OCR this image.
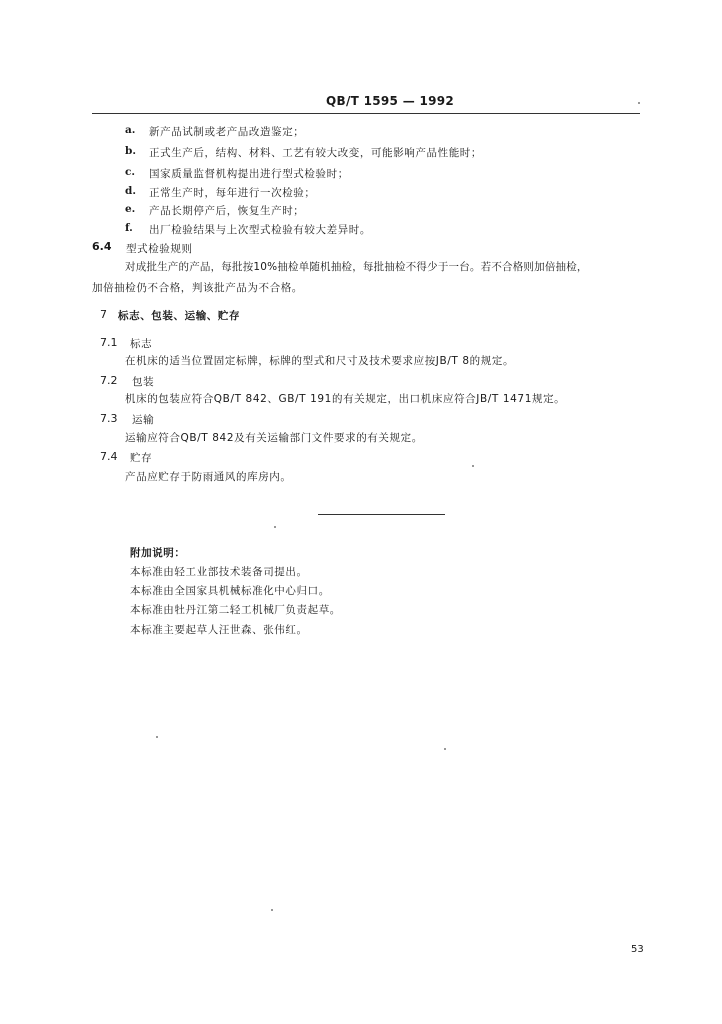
QB/T 1595 — 1992
a. 新产品试制或老产品改造鉴定；
b. 正式生产后，结构、材料、工艺有较大改变，可能影响产品性能时；
c. 国家质量监督机构提出进行型式检验时；
d. 正常生产时，每年进行一次检验；
e. 产品长期停产后，恢复生产时；
f. 出厂检验结果与上次型式检验有较大差异时。
6.4 型式检验规则
对成批生产的产品，每批按10%抽检单随机抽检，每批抽检不得少于一台。若不合格则加倍抽检，
加倍抽检仍不合格，判该批产品为不合格。
7 标志、包装、运输、贮存
7.1 标志
在机床的适当位置固定标牌，标牌的型式和尺寸及技术要求应按JB/T 8的规定。
7.2 包装
机床的包装应符合QB/T 842、GB/T 191的有关规定，出口机床应符合JB/T 1471规定。
7.3 运输
运输应符合QB/T 842及有关运输部门文件要求的有关规定。
7.4 贮存
产品应贮存于防雨通风的库房内。
附加说明：
本标准由轻工业部技术装备司提出。
本标准由全国家具机械标准化中心归口。
本标准由牡丹江第二轻工机械厂负责起草。
本标准主要起草人汪世森、张伟红。
53
